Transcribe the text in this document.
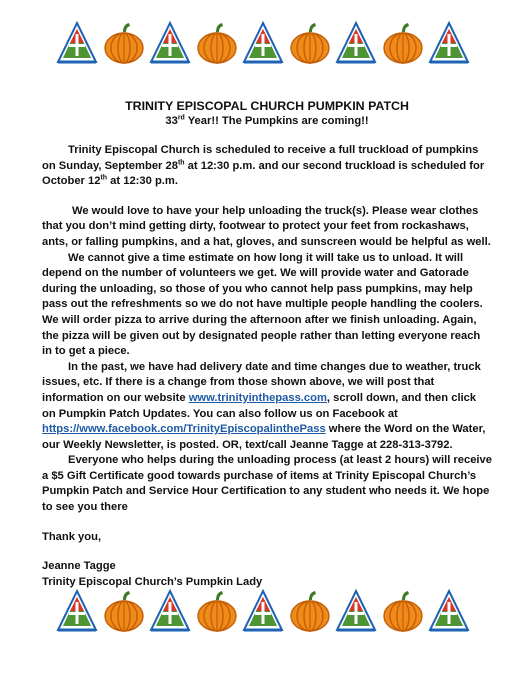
TRINITY EPISCOPAL CHURCH PUMPKIN PATCH

33rd Year!! The Pumpkins are coming!!

Trinity Episcopal Church is scheduled to receive a full truckload of pumpkins on Sunday, September 28th at 12:30 p.m. and our second truckload is scheduled for October 12th at 12:30 p.m.

We would love to have your help unloading the truck(s). Please wear clothes that you don’t mind getting dirty, footwear to protect your feet from rockashaws, ants, or falling pumpkins, and a hat, gloves, and sunscreen would be helpful as well.

We cannot give a time estimate on how long it will take us to unload. It will depend on the number of volunteers we get. We will provide water and Gatorade during the unloading, so those of you who cannot help pass pumpkins, may help pass out the refreshments so we do not have multiple people handling the coolers. We will order pizza to arrive during the afternoon after we finish unloading. Again, the pizza will be given out by designated people rather than letting everyone reach in to get a piece.

In the past, we have had delivery date and time changes due to weather, truck issues, etc. If there is a change from those shown above, we will post that information on our website www.trinityinthepass.com, scroll down, and then click on Pumpkin Patch Updates. You can also follow us on Facebook at https://www.facebook.com/TrinityEpiscopalinthePass where the Word on the Water, our Weekly Newsletter, is posted. OR, text/call Jeanne Tagge at 228-313-3792.

Everyone who helps during the unloading process (at least 2 hours) will receive a $5 Gift Certificate good towards purchase of items at Trinity Episcopal Church’s Pumpkin Patch and Service Hour Certification to any student who needs it. We hope to see you there

Thank you,

Jeanne Tagge

Trinity Episcopal Church’s Pumpkin Lady
